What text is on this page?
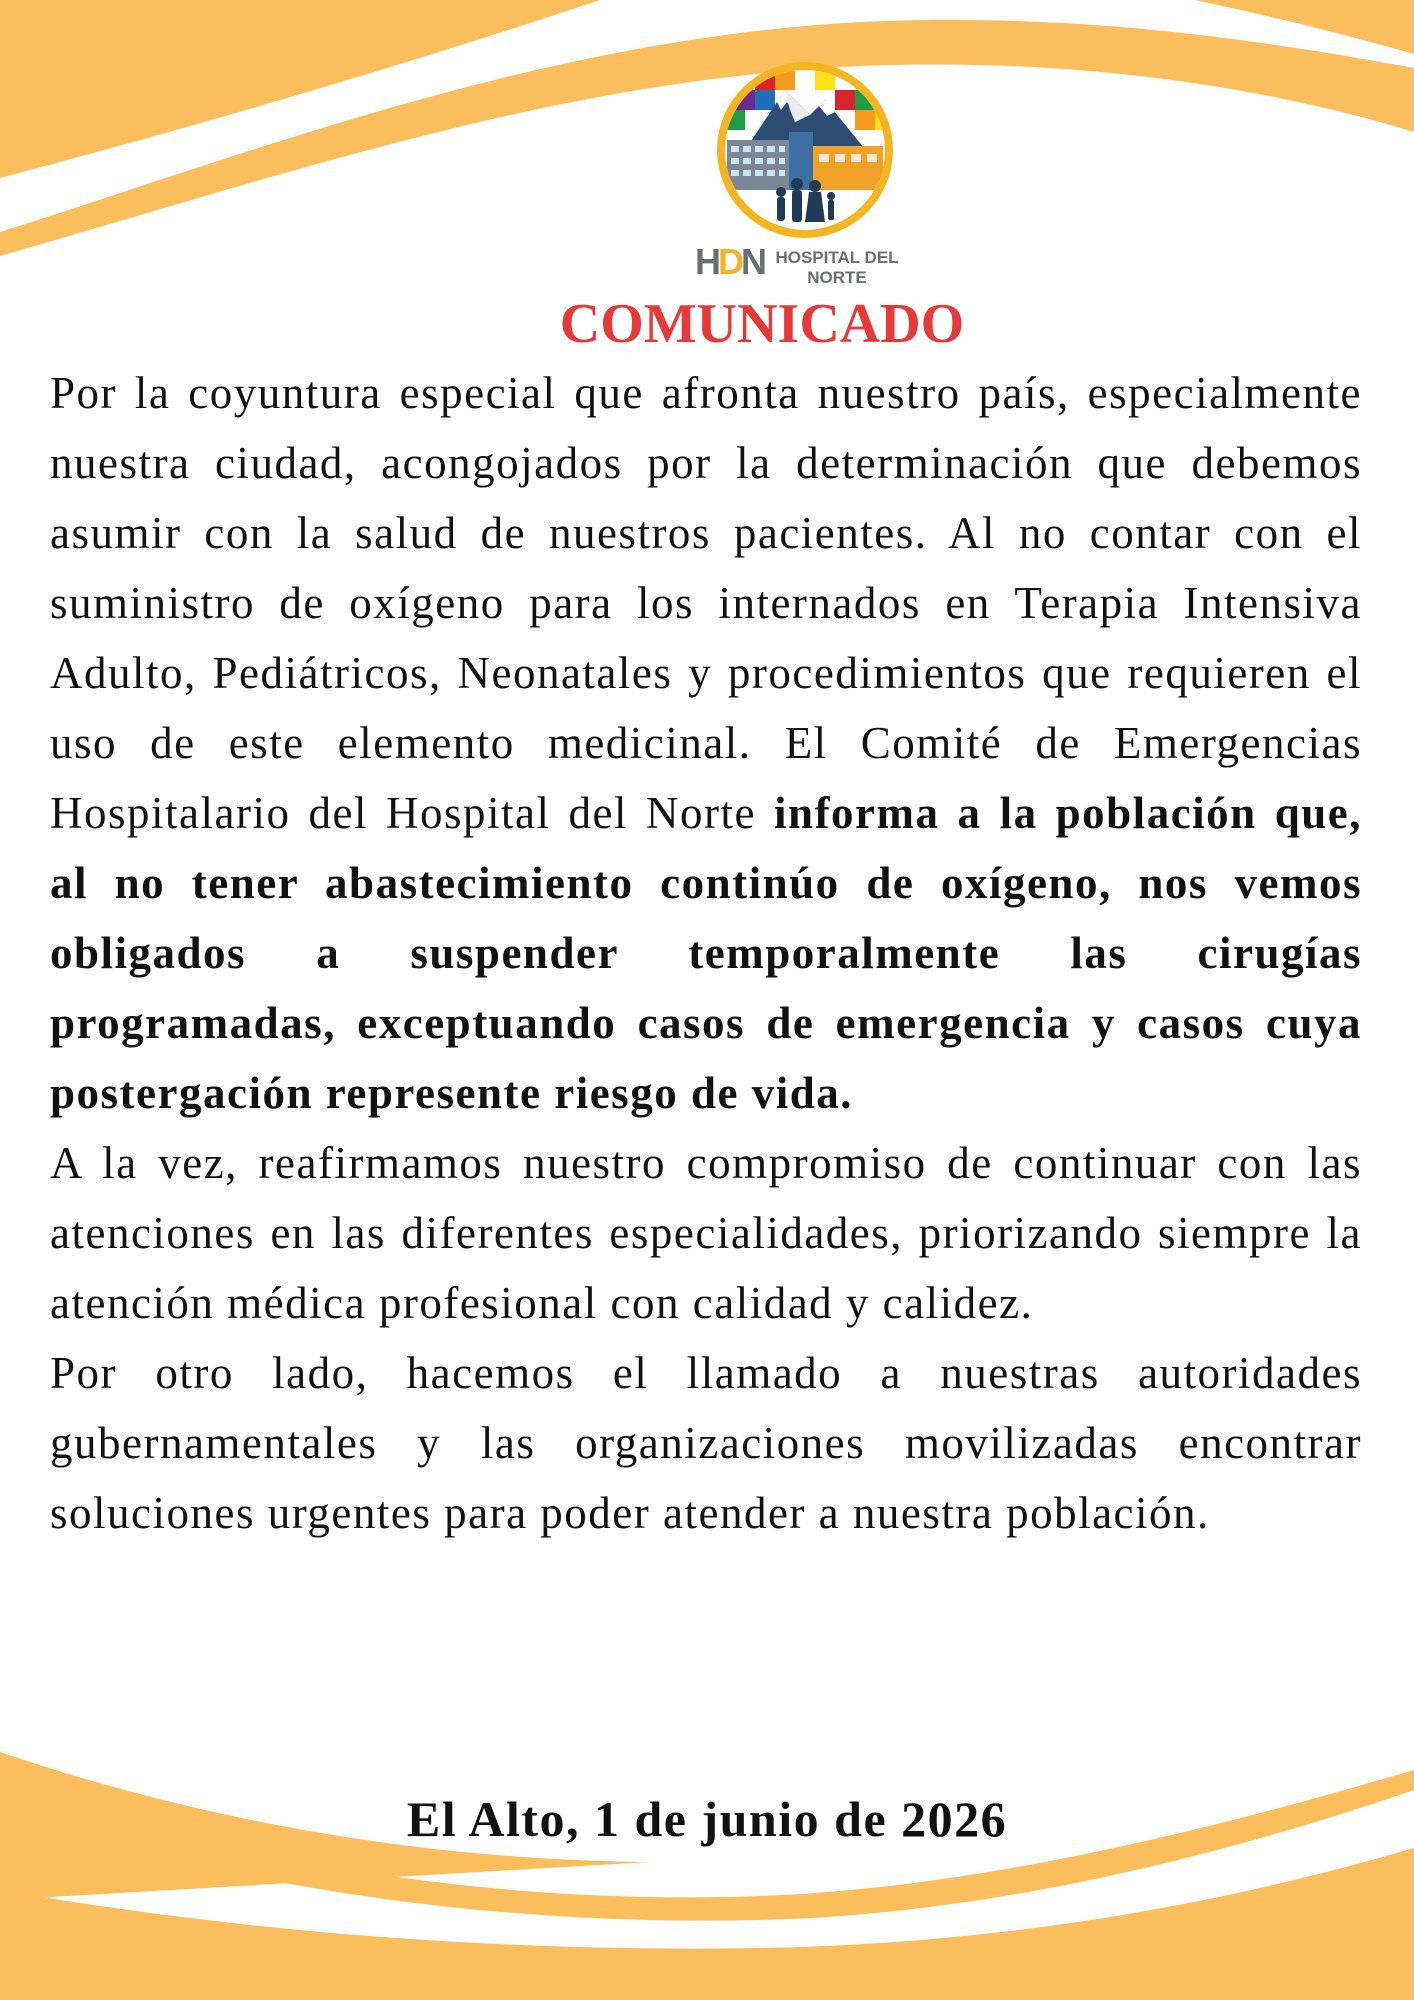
HDN HOSPITAL DEL
NORTE
COMUNICADO

Por la coyuntura especial que afronta nuestro país, especialmente nuestra ciudad, acongojados por la determinación que debemos asumir con la salud de nuestros pacientes. Al no contar con el suministro de oxígeno para los internados en Terapia Intensiva Adulto, Pediátricos, Neonatales y procedimientos que requieren el uso de este elemento medicinal. El Comité de Emergencias Hospitalario del Hospital del Norte informa a la población que, al no tener abastecimiento continúo de oxígeno, nos vemos obligados a suspender temporalmente las cirugías programadas, exceptuando casos de emergencia y casos cuya postergación represente riesgo de vida.

A la vez, reafirmamos nuestro compromiso de continuar con las atenciones en las diferentes especialidades, priorizando siempre la atención médica profesional con calidad y calidez.

Por otro lado, hacemos el llamado a nuestras autoridades gubernamentales y las organizaciones movilizadas encontrar soluciones urgentes para poder atender a nuestra población.

El Alto, 1 de junio de 2026
